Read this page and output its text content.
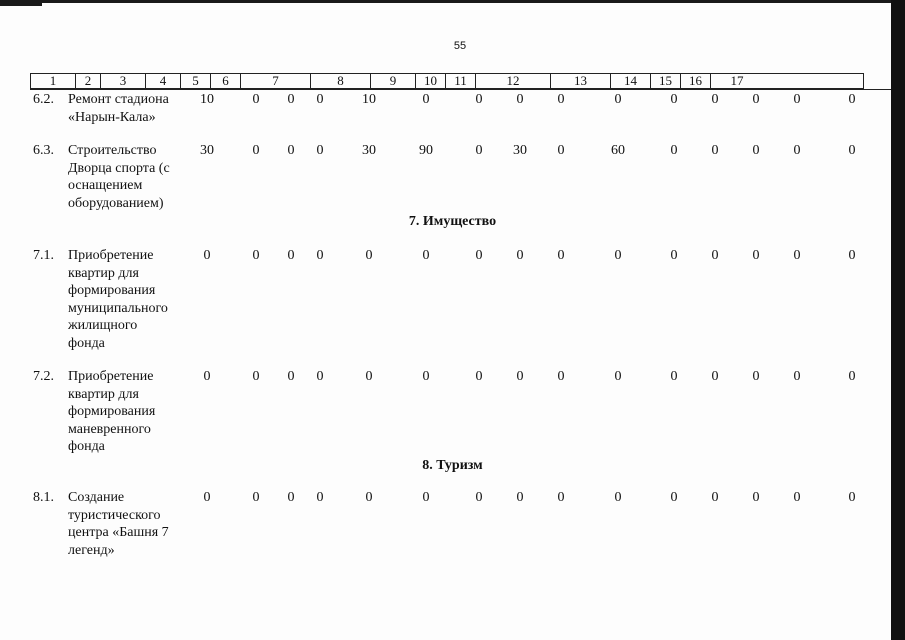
55
1	2	3	4	5	6	7	8	9	10	11	12	13	14	15	16	17
6.2. Ремонт стадиона
«Нарын-Кала»
10	0	0	0	10	0	0	0	0	0	0	0	0	0	0
6.3. Строительство
Дворца спорта (с
оснащением
оборудованием)
30	0	0	0	30	90	0	30	0	60	0	0	0	0	0
7.1. Приобретение
квартир для
формирования
муниципального
жилищного
фонда
0	0	0	0	0	0	0	0	0	0	0	0	0	0	0
7.2. Приобретение
квартир для
формирования
маневренного
фонда
0	0	0	0	0	0	0	0	0	0	0	0	0	0	0
8.1. Создание
туристического
центра «Башня 7
легенд»
0	0	0	0	0	0	0	0	0	0	0	0	0	0	0
7. Имущество
8. Туризм
